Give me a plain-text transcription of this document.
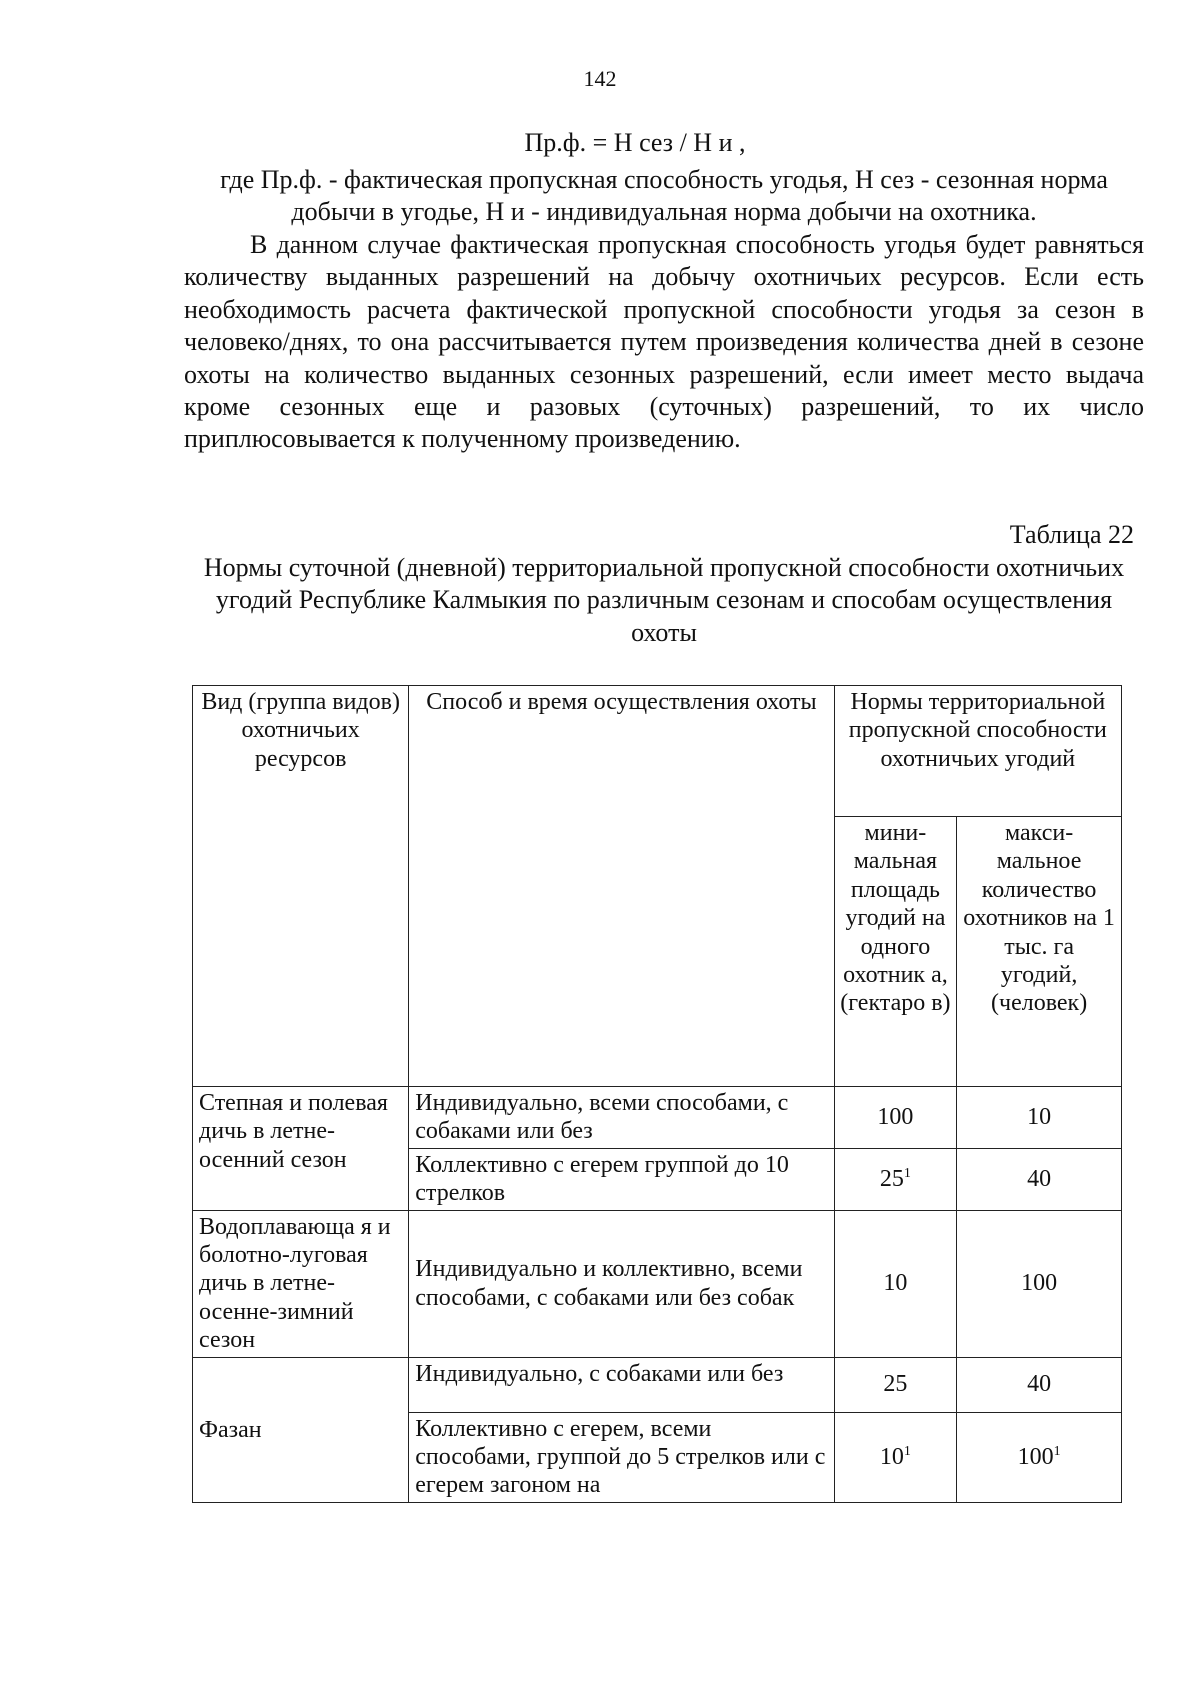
142
Пр.ф. = Н сез / Н и ,

где Пр.ф. - фактическая пропускная способность угодья, Н сез - сезонная норма добычи в угодье, Н и - индивидуальная норма добычи на охотника.

В данном случае фактическая пропускная способность угодья будет равняться количеству выданных разрешений на добычу охотничьих ресурсов. Если есть необходимость расчета фактической пропускной способности угодья за сезон в человеко/днях, то она рассчитывается путем произведения количества дней в сезоне охоты на количество выданных сезонных разрешений, если имеет место выдача кроме сезонных еще и разовых (суточных) разрешений, то их число приплюсовывается к полученному произведению.

Таблица 22
Нормы суточной (дневной) территориальной пропускной способности охотничьих угодий Республике Калмыкия по различным сезонам и способам осуществления охоты
Вид (группа видов) охотничьих ресурсов	Способ и время осуществления охоты	Нормы территориальной пропускной способности охотничьих угодий	
		мини-мальная площадь угодий на одного охотник а, (гектаро в)	макси-мальное количество охотников на 1 тыс. га угодий, (человек)
Степная и полевая дичь в летне-осенний сезон	Индивидуально, всеми способами, с собаками или без	100	10
	Коллективно с егерем группой до 10 стрелков	$25^1$	40
Водоплавающа я и болотно-луговая дичь в летне-осенне-зимний сезон	Индивидуально и коллективно, всеми способами, с собаками или без собак	10	100
Фазан	Индивидуально, с собаками или без	25	40
	Коллективно с егерем, всеми способами, группой до 5 стрелков или с егерем загоном на	$10^1$	$100^1$
